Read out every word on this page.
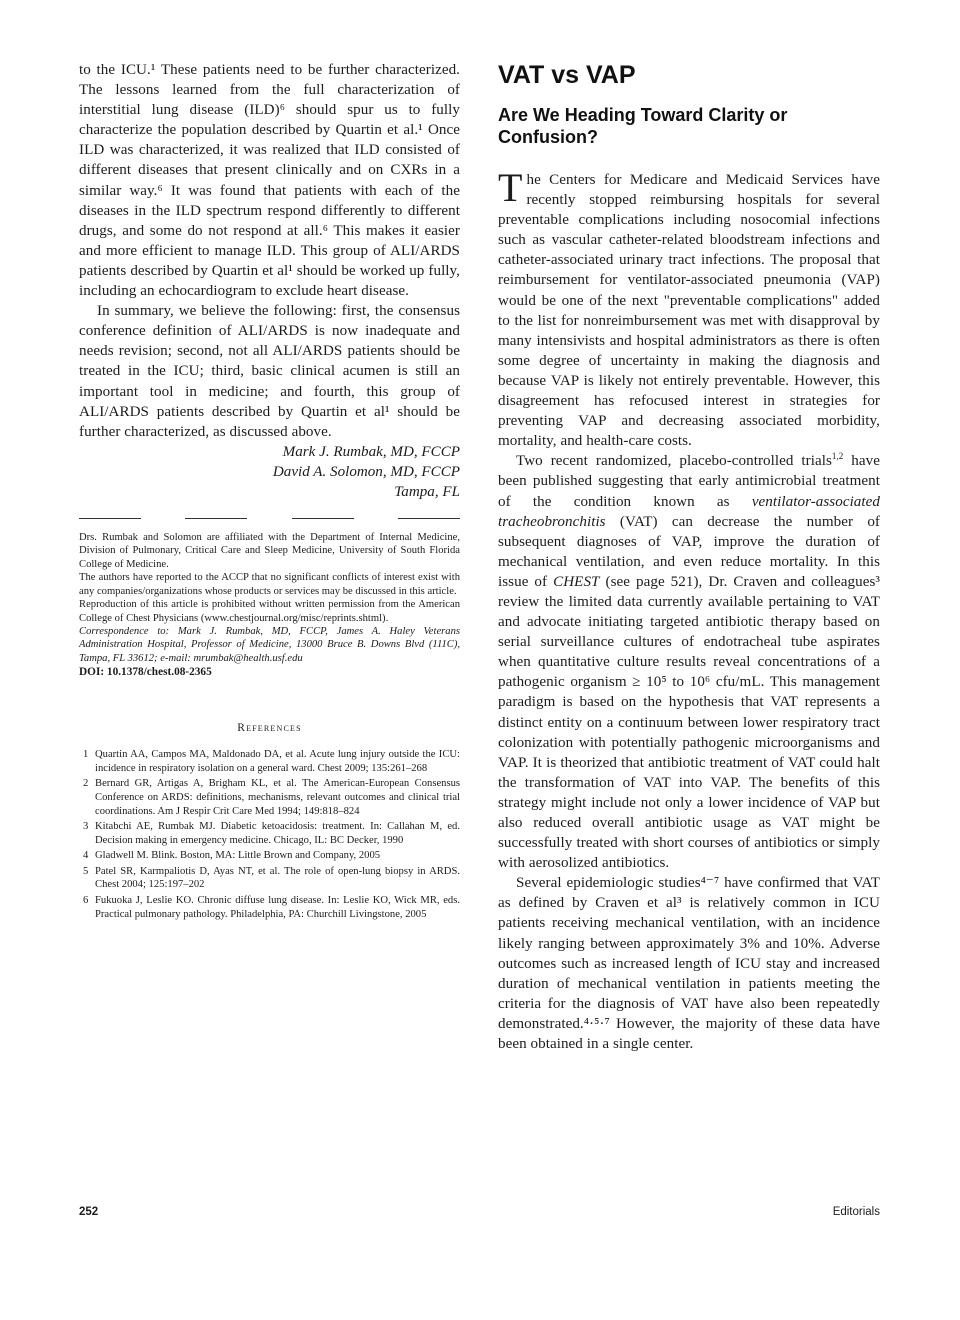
to the ICU.¹ These patients need to be further characterized. The lessons learned from the full characterization of interstitial lung disease (ILD)⁶ should spur us to fully characterize the population described by Quartin et al.¹ Once ILD was characterized, it was realized that ILD consisted of different diseases that present clinically and on CXRs in a similar way.⁶ It was found that patients with each of the diseases in the ILD spectrum respond differently to different drugs, and some do not respond at all.⁶ This makes it easier and more efficient to manage ILD. This group of ALI/ARDS patients described by Quartin et al¹ should be worked up fully, including an echocardiogram to exclude heart disease.

In summary, we believe the following: first, the consensus conference definition of ALI/ARDS is now inadequate and needs revision; second, not all ALI/ARDS patients should be treated in the ICU; third, basic clinical acumen is still an important tool in medicine; and fourth, this group of ALI/ARDS patients described by Quartin et al¹ should be further characterized, as discussed above.

Mark J. Rumbak, MD, FCCP

David A. Solomon, MD, FCCP

Tampa, FL

Drs. Rumbak and Solomon are affiliated with the Department of Internal Medicine, Division of Pulmonary, Critical Care and Sleep Medicine, University of South Florida College of Medicine.

The authors have reported to the ACCP that no significant conflicts of interest exist with any companies/organizations whose products or services may be discussed in this article.

Reproduction of this article is prohibited without written permission from the American College of Chest Physicians (www.chestjournal.org/misc/reprints.shtml).

Correspondence to: Mark J. Rumbak, MD, FCCP, James A. Haley Veterans Administration Hospital, Professor of Medicine, 13000 Bruce B. Downs Blvd (111C), Tampa, FL 33612; e-mail: mrumbak@health.usf.edu

DOI: 10.1378/chest.08-2365

References
1 Quartin AA, Campos MA, Maldonado DA, et al. Acute lung injury outside the ICU: incidence in respiratory isolation on a general ward. Chest 2009; 135:261–268
2 Bernard GR, Artigas A, Brigham KL, et al. The American-European Consensus Conference on ARDS: definitions, mechanisms, relevant outcomes and clinical trial coordinations. Am J Respir Crit Care Med 1994; 149:818–824
3 Kitabchi AE, Rumbak MJ. Diabetic ketoacidosis: treatment. In: Callahan M, ed. Decision making in emergency medicine. Chicago, IL: BC Decker, 1990
4 Gladwell M. Blink. Boston, MA: Little Brown and Company, 2005
5 Patel SR, Karmpaliotis D, Ayas NT, et al. The role of open-lung biopsy in ARDS. Chest 2004; 125:197–202
6 Fukuoka J, Leslie KO. Chronic diffuse lung disease. In: Leslie KO, Wick MR, eds. Practical pulmonary pathology. Philadelphia, PA: Churchill Livingstone, 2005
VAT vs VAP
Are We Heading Toward Clarity or Confusion?

The Centers for Medicare and Medicaid Services have recently stopped reimbursing hospitals for several preventable complications including nosocomial infections such as vascular catheter-related bloodstream infections and catheter-associated urinary tract infections. The proposal that reimbursement for ventilator-associated pneumonia (VAP) would be one of the next "preventable complications" added to the list for nonreimbursement was met with disapproval by many intensivists and hospital administrators as there is often some degree of uncertainty in making the diagnosis and because VAP is likely not entirely preventable. However, this disagreement has refocused interest in strategies for preventing VAP and decreasing associated morbidity, mortality, and health-care costs.

Two recent randomized, placebo-controlled trials$^{1,2}$ have been published suggesting that early antimicrobial treatment of the condition known as ventilator-associated tracheobronchitis (VAT) can decrease the number of subsequent diagnoses of VAP, improve the duration of mechanical ventilation, and even reduce mortality. In this issue of CHEST (see page 521), Dr. Craven and colleagues³ review the limited data currently available pertaining to VAT and advocate initiating targeted antibiotic therapy based on serial surveillance cultures of endotracheal tube aspirates when quantitative culture results reveal concentrations of a pathogenic organism ≥ 10⁵ to 10⁶ cfu/mL. This management paradigm is based on the hypothesis that VAT represents a distinct entity on a continuum between lower respiratory tract colonization with potentially pathogenic microorganisms and VAP. It is theorized that antibiotic treatment of VAT could halt the transformation of VAT into VAP. The benefits of this strategy might include not only a lower incidence of VAP but also reduced overall antibiotic usage as VAT might be successfully treated with short courses of antibiotics or simply with aerosolized antibiotics.

Several epidemiologic studies⁴⁻⁷ have confirmed that VAT as defined by Craven et al³ is relatively common in ICU patients receiving mechanical ventilation, with an incidence likely ranging between approximately 3% and 10%. Adverse outcomes such as increased length of ICU stay and increased duration of mechanical ventilation in patients meeting the criteria for the diagnosis of VAT have also been repeatedly demonstrated.⁴·⁵·⁷ However, the majority of these data have been obtained in a single center.

252	Editorials
